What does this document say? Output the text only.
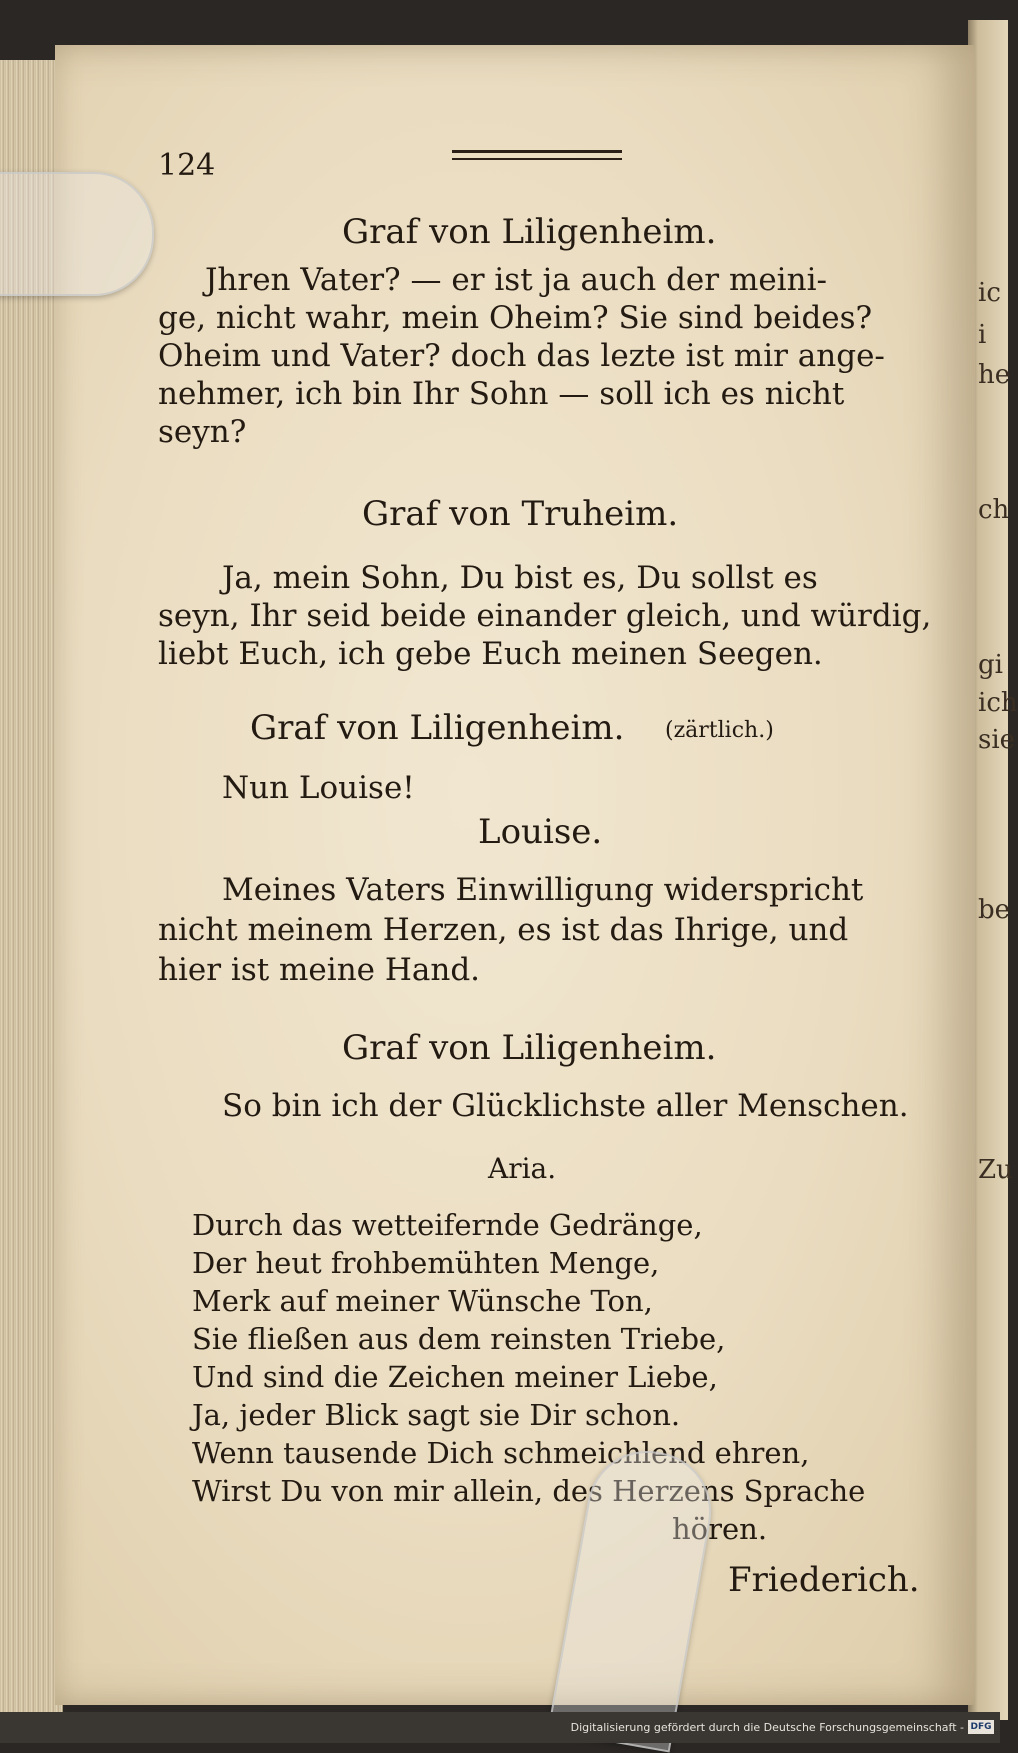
ic
i
he
ch
gi
ich
sie
be
Zu

124

Graf von Liligenheim.

Jhren Vater? — er ist ja auch der meini-

ge, nicht wahr, mein Oheim? Sie sind beides?

Oheim und Vater? doch das lezte ist mir ange-

nehmer, ich bin Ihr Sohn — soll ich es nicht

seyn?

Graf von Truheim.

Ja, mein Sohn, Du bist es, Du sollst es

seyn, Ihr seid beide einander gleich, und würdig,

liebt Euch, ich gebe Euch meinen Seegen.

Graf von Liligenheim. (zärtlich.)

Nun Louise!

Louise.

Meines Vaters Einwilligung widerspricht

nicht meinem Herzen, es ist das Ihrige, und

hier ist meine Hand.

Graf von Liligenheim.

So bin ich der Glücklichste aller Menschen.

Aria.

Durch das wetteifernde Gedränge,

Der heut frohbemühten Menge,

Merk auf meiner Wünsche Ton,

Sie fließen aus dem reinsten Triebe,

Und sind die Zeichen meiner Liebe,

Ja, jeder Blick sagt sie Dir schon.

Wenn tausende Dich schmeichlend ehren,

Wirst Du von mir allein, des Herzens Sprache

hören.

Friederich.

Digitalisierung gefördert durch die Deutsche Forschungsgemeinschaft - DFG
